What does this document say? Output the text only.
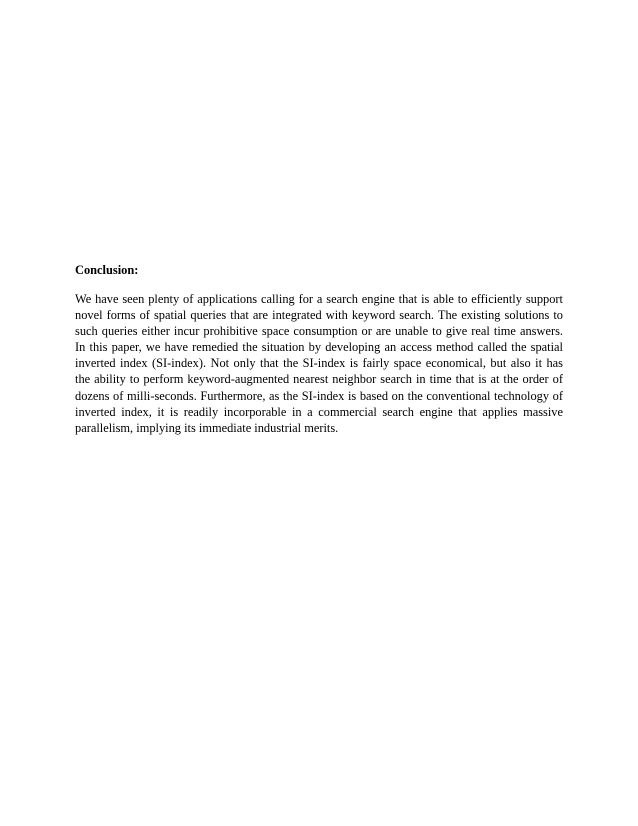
Conclusion:
We have seen plenty of applications calling for a search engine that is able to efficiently support
novel forms of spatial queries that are integrated with keyword search. The existing solutions to
such queries either incur prohibitive space consumption or are unable to give real time answers.
In this paper, we have remedied the situation by developing an access method called the spatial
inverted index (SI-index). Not only that the SI-index is fairly space economical, but also it has
the ability to perform keyword-augmented nearest neighbor search in time that is at the order of
dozens of milli-seconds. Furthermore, as the SI-index is based on the conventional technology of
inverted index, it is readily incorporable in a commercial search engine that applies massive
parallelism, implying its immediate industrial merits.
